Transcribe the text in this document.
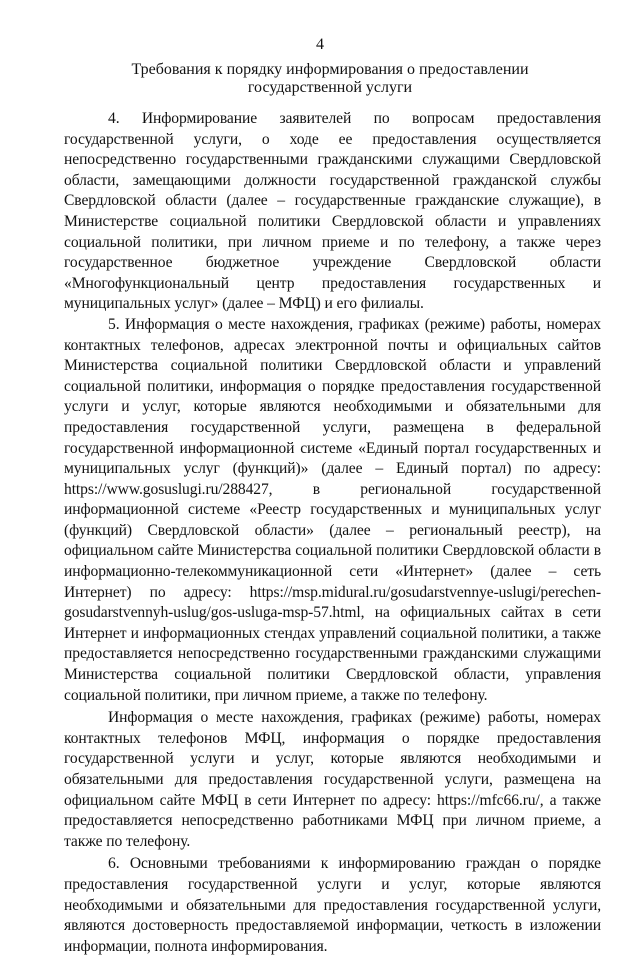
4
Требования к порядку информирования о предоставлении государственной услуги

4. Информирование заявителей по вопросам предоставления государственной услуги, о ходе ее предоставления осуществляется непосредственно государственными гражданскими служащими Свердловской области, замещающими должности государственной гражданской службы Свердловской области (далее – государственные гражданские служащие), в Министерстве социальной политики Свердловской области и управлениях социальной политики, при личном приеме и по телефону, а также через государственное бюджетное учреждение Свердловской области «Многофункциональный центр предоставления государственных и муниципальных услуг» (далее – МФЦ) и его филиалы.

5. Информация о месте нахождения, графиках (режиме) работы, номерах контактных телефонов, адресах электронной почты и официальных сайтов Министерства социальной политики Свердловской области и управлений социальной политики, информация о порядке предоставления государственной услуги и услуг, которые являются необходимыми и обязательными для предоставления государственной услуги, размещена в федеральной государственной информационной системе «Единый портал государственных и муниципальных услуг (функций)» (далее – Единый портал) по адресу: https://www.gosuslugi.ru/288427, в региональной государственной информационной системе «Реестр государственных и муниципальных услуг (функций) Свердловской области» (далее – региональный реестр), на официальном сайте Министерства социальной политики Свердловской области в информационно-телекоммуникационной сети «Интернет» (далее – сеть Интернет) по адресу: https://msp.midural.ru/gosudarstvennye-uslugi/perechen-gosudarstvennyh-uslug/gos-usluga-msp-57.html, на официальных сайтах в сети Интернет и информационных стендах управлений социальной политики, а также предоставляется непосредственно государственными гражданскими служащими Министерства социальной политики Свердловской области, управления социальной политики, при личном приеме, а также по телефону.

Информация о месте нахождения, графиках (режиме) работы, номерах контактных телефонов МФЦ, информация о порядке предоставления государственной услуги и услуг, которые являются необходимыми и обязательными для предоставления государственной услуги, размещена на официальном сайте МФЦ в сети Интернет по адресу: https://mfc66.ru/, а также предоставляется непосредственно работниками МФЦ при личном приеме, а также по телефону.

6. Основными требованиями к информированию граждан о порядке предоставления государственной услуги и услуг, которые являются необходимыми и обязательными для предоставления государственной услуги, являются достоверность предоставляемой информации, четкость в изложении информации, полнота информирования.
